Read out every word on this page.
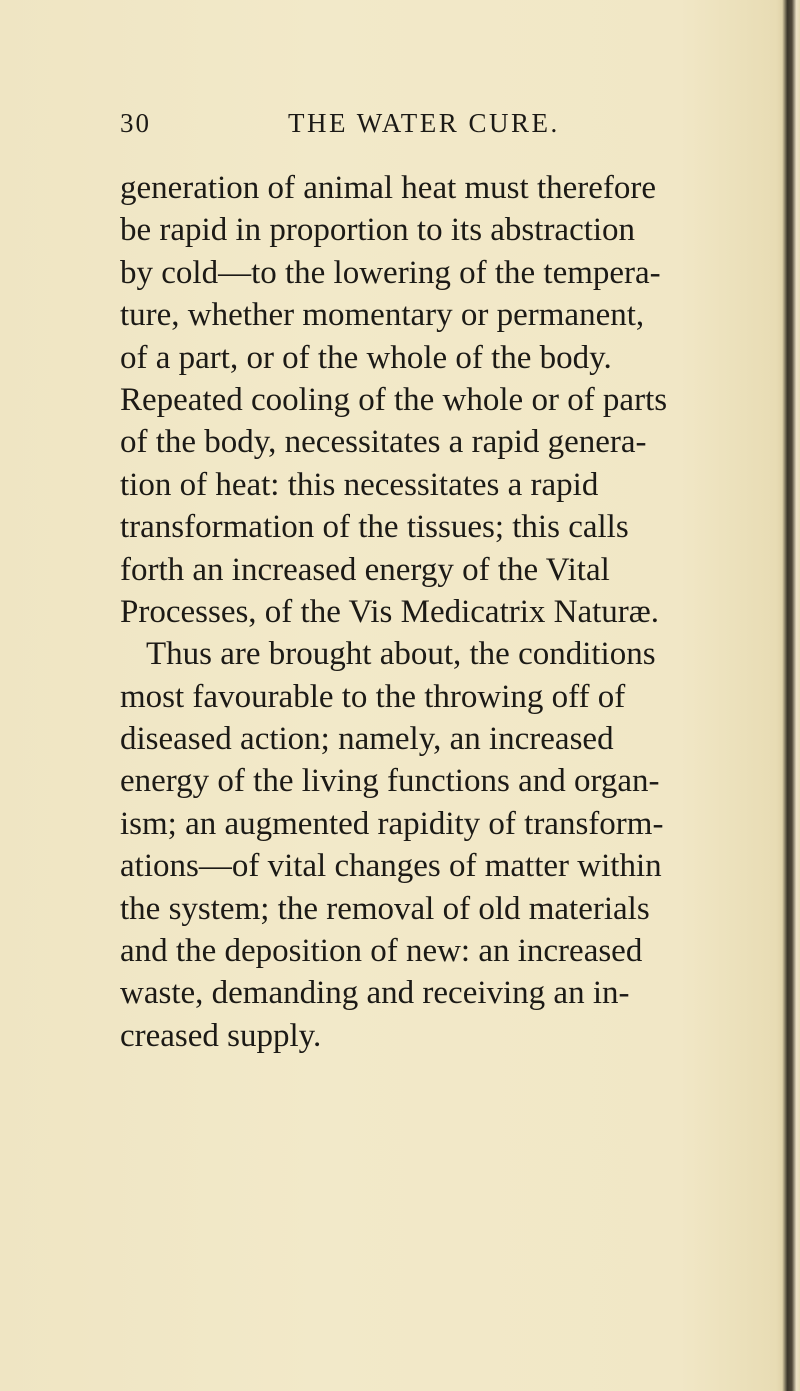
30	THE WATER CURE.
generation of animal heat must therefore
be rapid in proportion to its abstraction
by cold—to the lowering of the tempera-
ture, whether momentary or permanent,
of a part, or of the whole of the body.
Repeated cooling of the whole or of parts
of the body, necessitates a rapid genera-
tion of heat: this necessitates a rapid
transformation of the tissues; this calls
forth an increased energy of the Vital
Processes, of the Vis Medicatrix Naturæ.
Thus are brought about, the conditions
most favourable to the throwing off of
diseased action; namely, an increased
energy of the living functions and organ-
ism; an augmented rapidity of transform-
ations—of vital changes of matter within
the system; the removal of old materials
and the deposition of new: an increased
waste, demanding and receiving an in-
creased supply.
